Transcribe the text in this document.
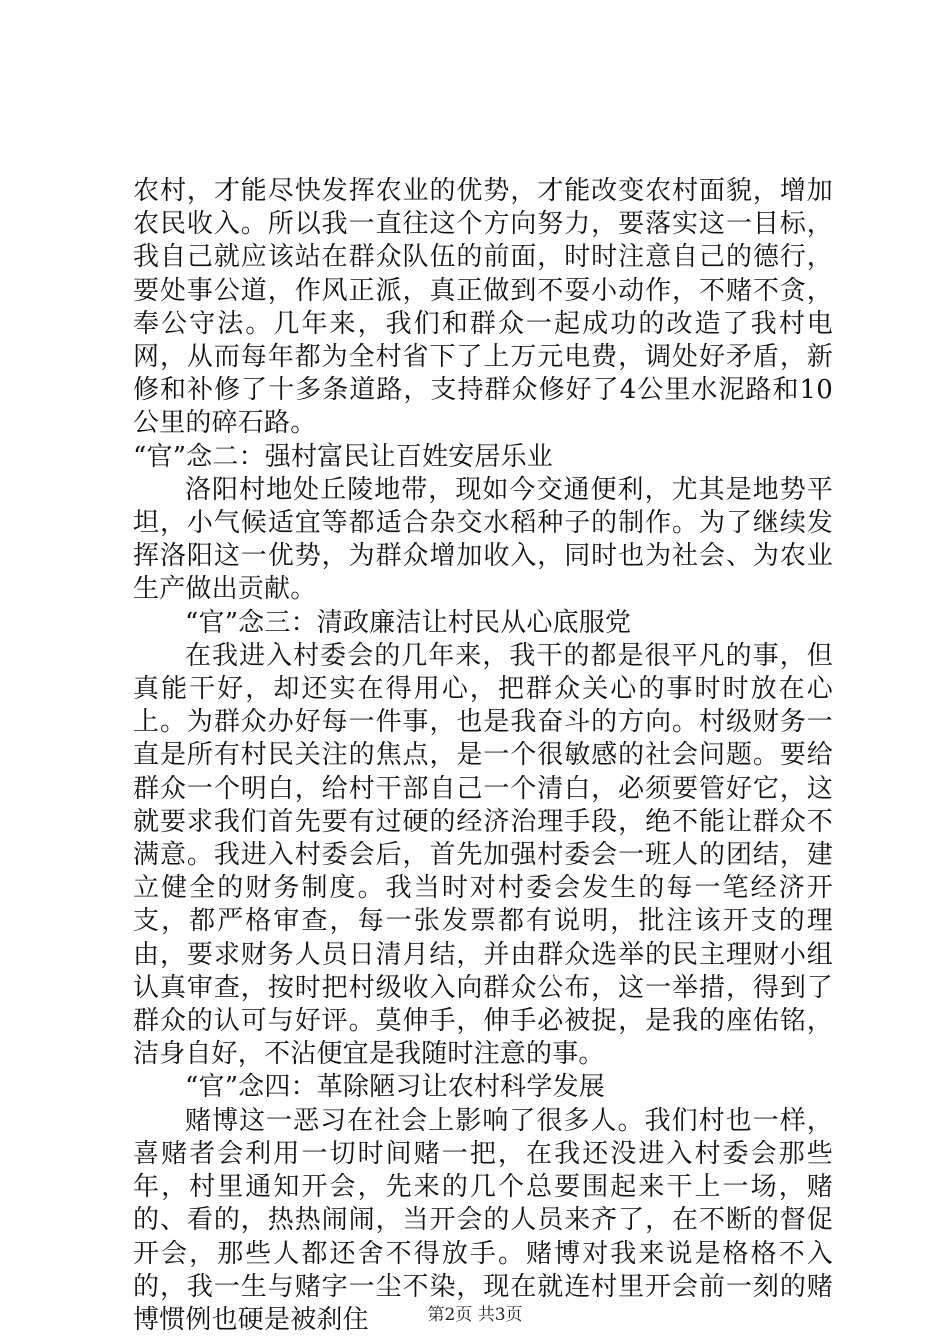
农村，才能尽快发挥农业的优势，才能改变农村面貌，增加农民收入。所以我一直往这个方向努力，要落实这一目标，我自己就应该站在群众队伍的前面，时时注意自己的德行，要处事公道，作风正派，真正做到不耍小动作，不赌不贪，奉公守法。几年来，我们和群众一起成功的改造了我村电网，从而每年都为全村省下了上万元电费，调处好矛盾，新修和补修了十多条道路，支持群众修好了4公里水泥路和10公里的碎石路。

“官”念二：强村富民让百姓安居乐业

洛阳村地处丘陵地带，现如今交通便利，尤其是地势平坦，小气候适宜等都适合杂交水稻种子的制作。为了继续发挥洛阳这一优势，为群众增加收入，同时也为社会、为农业生产做出贡献。

“官”念三：清政廉洁让村民从心底服党

在我进入村委会的几年来，我干的都是很平凡的事，但真能干好，却还实在得用心，把群众关心的事时时放在心上。为群众办好每一件事，也是我奋斗的方向。村级财务一直是所有村民关注的焦点，是一个很敏感的社会问题。要给群众一个明白，给村干部自己一个清白，必须要管好它，这就要求我们首先要有过硬的经济治理手段，绝不能让群众不满意。我进入村委会后，首先加强村委会一班人的团结，建立健全的财务制度。我当时对村委会发生的每一笔经济开支，都严格审查，每一张发票都有说明，批注该开支的理由，要求财务人员日清月结，并由群众选举的民主理财小组认真审查，按时把村级收入向群众公布，这一举措，得到了群众的认可与好评。莫伸手，伸手必被捉，是我的座佑铭，洁身自好，不沾便宜是我随时注意的事。

“官”念四：革除陋习让农村科学发展

赌博这一恶习在社会上影响了很多人。我们村也一样，喜赌者会利用一切时间赌一把，在我还没进入村委会那些年，村里通知开会，先来的几个总要围起来干上一场，赌的、看的，热热闹闹，当开会的人员来齐了，在不断的督促开会，那些人都还舍不得放手。赌博对我来说是格格不入的，我一生与赌字一尘不染，现在就连村里开会前一刻的赌博惯例也硬是被刹住	第2页 共3页
